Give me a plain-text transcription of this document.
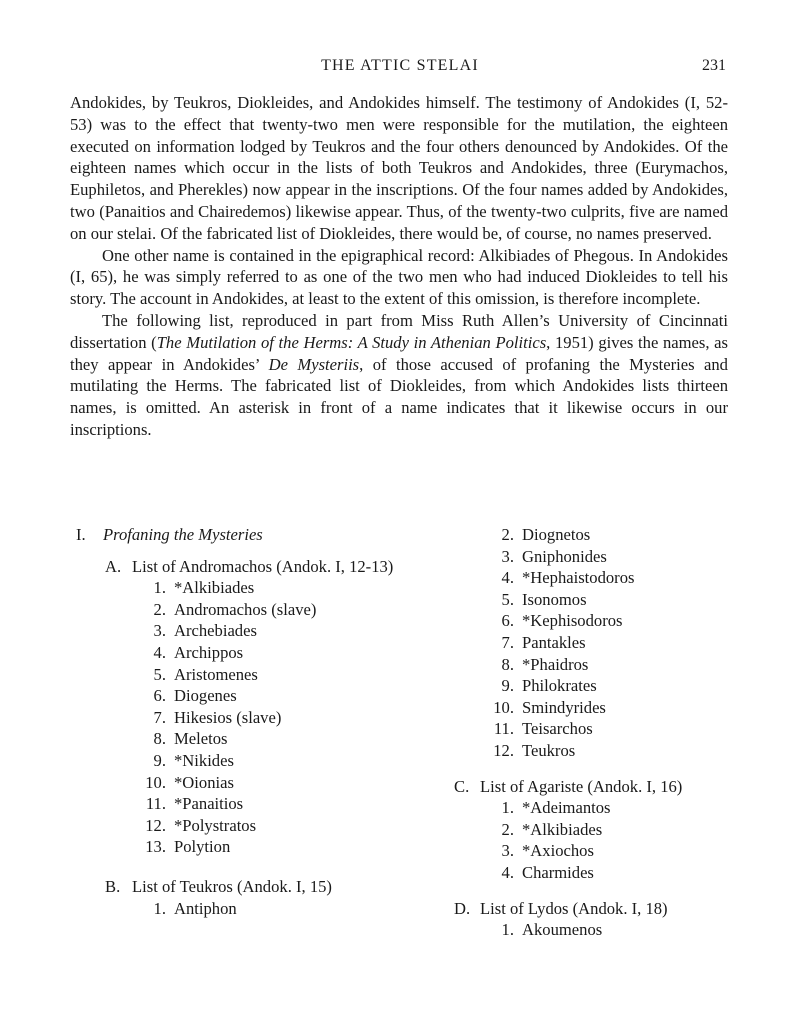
THE ATTIC STELAI	231

Andokides, by Teukros, Diokleides, and Andokides himself. The testimony of Andokides (I, 52-53) was to the effect that twenty-two men were responsible for the mutilation, the eighteen executed on information lodged by Teukros and the four others denounced by Andokides. Of the eighteen names which occur in the lists of both Teukros and Andokides, three (Eurymachos, Euphiletos, and Pherekles) now appear in the inscriptions. Of the four names added by Andokides, two (Panaitios and Chairedemos) likewise appear. Thus, of the twenty-two culprits, five are named on our stelai. Of the fabricated list of Diokleides, there would be, of course, no names preserved.

One other name is contained in the epigraphical record: Alkibiades of Phegous. In Andokides (I, 65), he was simply referred to as one of the two men who had induced Diokleides to tell his story. The account in Andokides, at least to the extent of this omission, is therefore incomplete.

The following list, reproduced in part from Miss Ruth Allen’s University of Cincinnati dissertation (The Mutilation of the Herms: A Study in Athenian Politics, 1951) gives the names, as they appear in Andokides’ De Mysteriis, of those accused of profaning the Mysteries and mutilating the Herms. The fabricated list of Diokleides, from which Andokides lists thirteen names, is omitted. An asterisk in front of a name indicates that it likewise occurs in our inscriptions.

I.	Profaning the Mysteries
A. List of Andromachos (Andok. I, 12-13)
1. *Alkibiades
2. Andromachos (slave)
3. Archebiades
4. Archippos
5. Aristomenes
6. Diogenes
7. Hikesios (slave)
8. Meletos
9. *Nikides
10. *Oionias
11. *Panaitios
12. *Polystratos
13. Polytion
B. List of Teukros (Andok. I, 15)
1. Antiphon
2. Diognetos
3. Gniphonides
4. *Hephaistodoros
5. Isonomos
6. *Kephisodoros
7. Pantakles
8. *Phaidros
9. Philokrates
10. Smindyrides
11. Teisarchos
12. Teukros
C. List of Agariste (Andok. I, 16)
1. *Adeimantos
2. *Alkibiades
3. *Axiochos
4. Charmides
D. List of Lydos (Andok. I, 18)
1. Akoumenos
